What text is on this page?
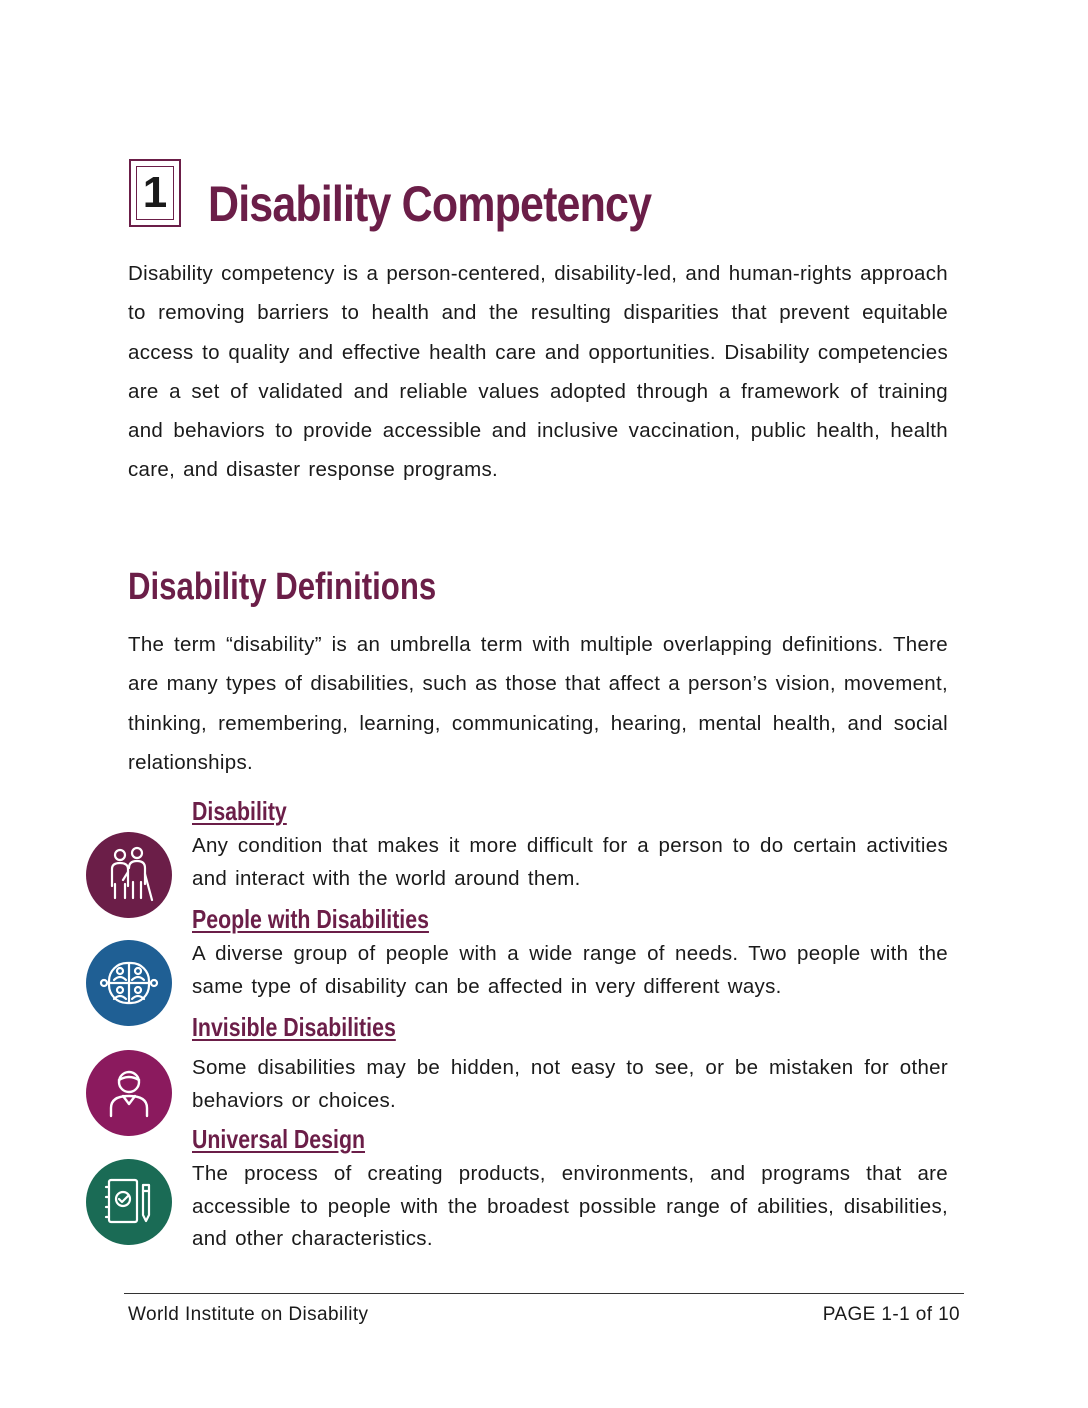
1 Disability Competency

Disability competency is a person-centered, disability-led, and human-rights approach to removing barriers to health and the resulting disparities that prevent equitable access to quality and effective health care and opportunities. Disability competencies are a set of validated and reliable values adopted through a framework of training and behaviors to provide accessible and inclusive vaccination, public health, health care, and disaster response programs.

Disability Definitions

The term “disability” is an umbrella term with multiple overlapping definitions. There are many types of disabilities, such as those that affect a person’s vision, movement, thinking, remembering, learning, communicating, hearing, mental health, and social relationships.

Disability

Any condition that makes it more difficult for a person to do certain activities and interact with the world around them.

People with Disabilities

A diverse group of people with a wide range of needs. Two people with the same type of disability can be affected in very different ways.

Invisible Disabilities

Some disabilities may be hidden, not easy to see, or be mistaken for other behaviors or choices.

Universal Design

The process of creating products, environments, and programs that are accessible to people with the broadest possible range of abilities, disabilities, and other characteristics.

World Institute on Disability	PAGE 1-1 of 10
